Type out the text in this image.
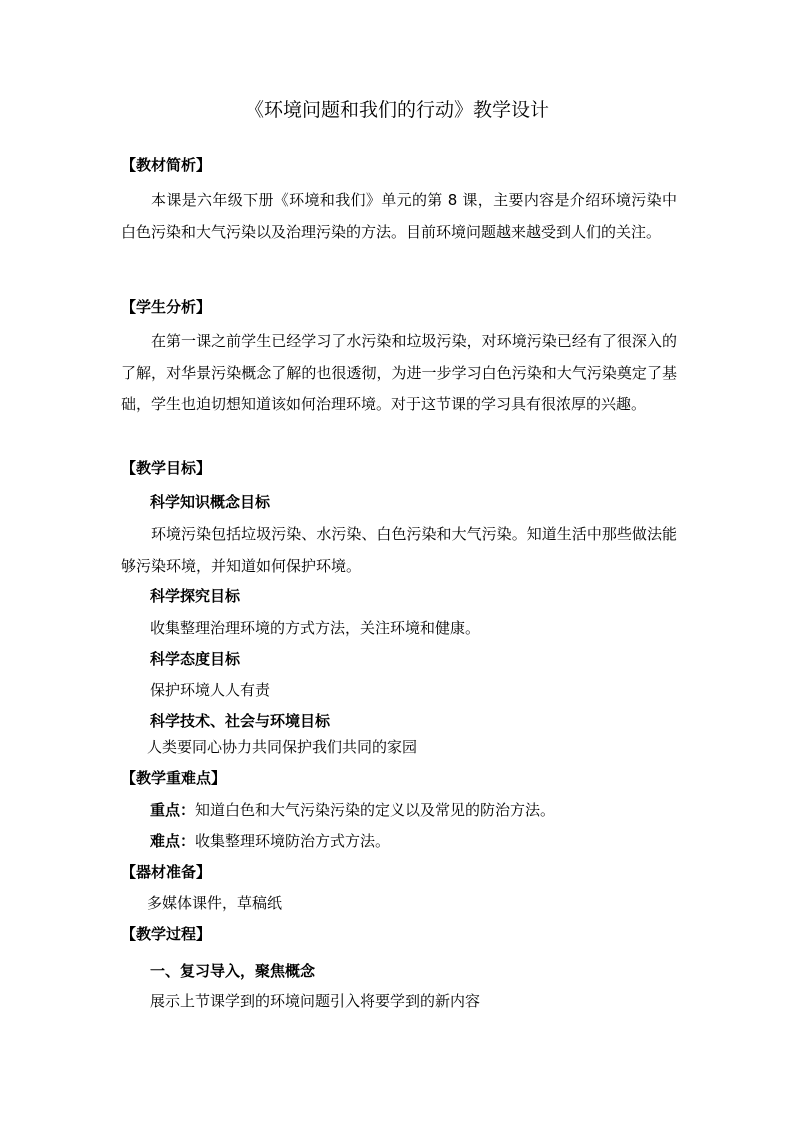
《环境问题和我们的行动》教学设计
【教材简析】
本课是六年级下册《环境和我们》单元的第 8 课，主要内容是介绍环境污染中白色污染和大气污染以及治理污染的方法。目前环境问题越来越受到人们的关注。
【学生分析】
在第一课之前学生已经学习了水污染和垃圾污染，对环境污染已经有了很深入的了解，对华景污染概念了解的也很透彻，为进一步学习白色污染和大气污染奠定了基础，学生也迫切想知道该如何治理环境。对于这节课的学习具有很浓厚的兴趣。
【教学目标】
科学知识概念目标
环境污染包括垃圾污染、水污染、白色污染和大气污染。知道生活中那些做法能够污染环境，并知道如何保护环境。
科学探究目标
收集整理治理环境的方式方法，关注环境和健康。
科学态度目标
保护环境人人有责
科学技术、社会与环境目标
人类要同心协力共同保护我们共同的家园
【教学重难点】
重点：知道白色和大气污染污染的定义以及常见的防治方法。
难点：收集整理环境防治方式方法。
【器材准备】
多媒体课件，草稿纸
【教学过程】
一、复习导入，聚焦概念
展示上节课学到的环境问题引入将要学到的新内容
